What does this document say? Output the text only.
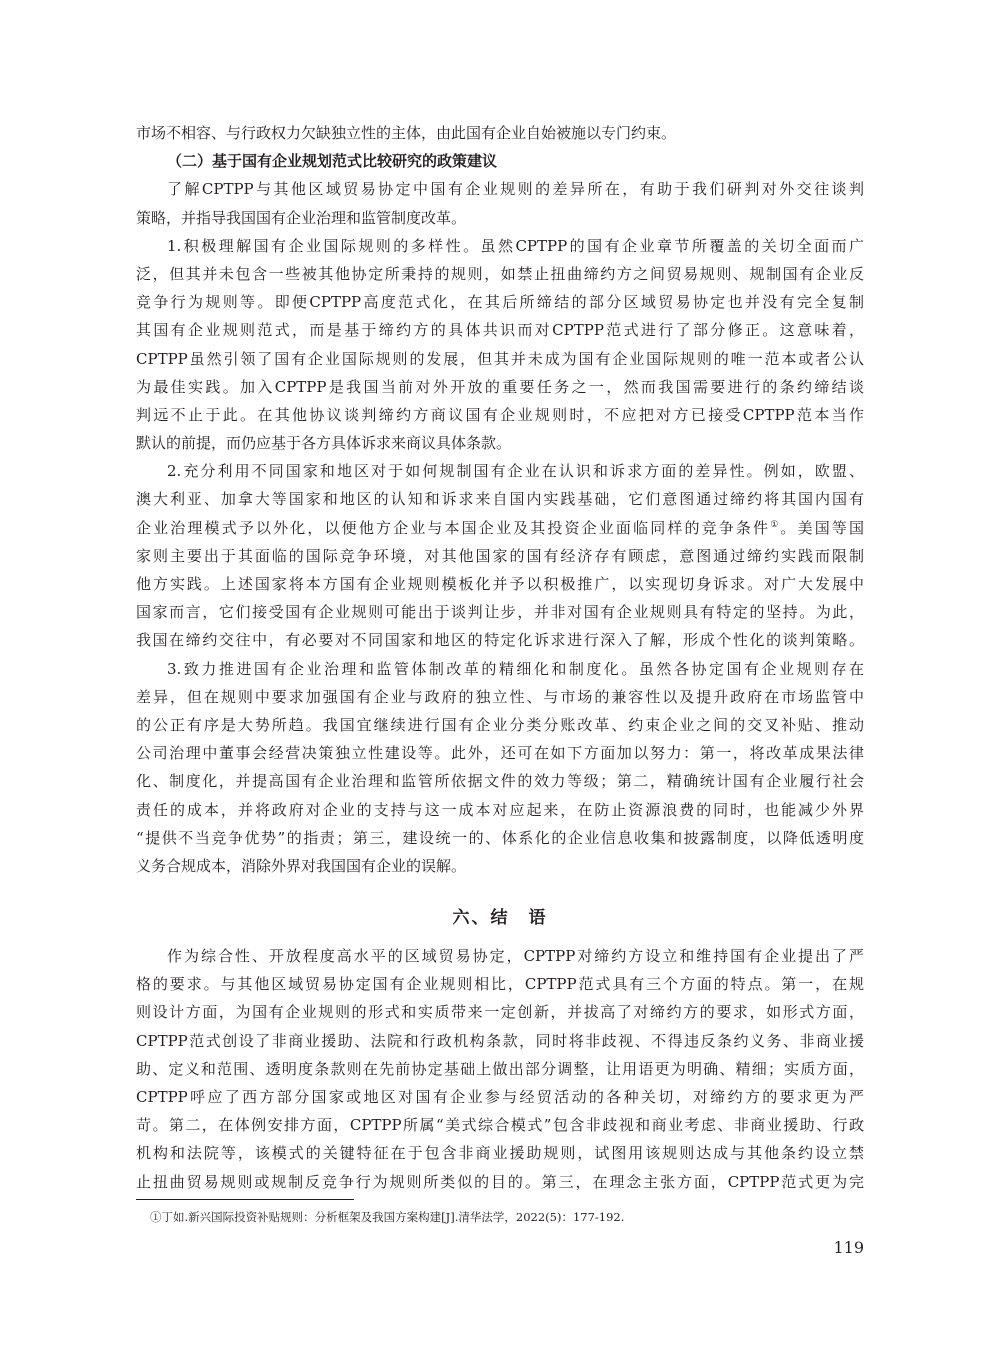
市场不相容、与行政权力欠缺独立性的主体，由此国有企业自始被施以专门约束。
（二）基于国有企业规划范式比较研究的政策建议
了解CPTPP与其他区域贸易协定中国有企业规则的差异所在，有助于我们研判对外交往谈判
策略，并指导我国国有企业治理和监管制度改革。
1.积极理解国有企业国际规则的多样性。虽然CPTPP的国有企业章节所覆盖的关切全面而广
泛，但其并未包含一些被其他协定所秉持的规则，如禁止扭曲缔约方之间贸易规则、规制国有企业反
竞争行为规则等。即便CPTPP高度范式化，在其后所缔结的部分区域贸易协定也并没有完全复制
其国有企业规则范式，而是基于缔约方的具体共识而对CPTPP范式进行了部分修正。这意味着，
CPTPP虽然引领了国有企业国际规则的发展，但其并未成为国有企业国际规则的唯一范本或者公认
为最佳实践。加入CPTPP是我国当前对外开放的重要任务之一，然而我国需要进行的条约缔结谈
判远不止于此。在其他协议谈判缔约方商议国有企业规则时，不应把对方已接受CPTPP范本当作
默认的前提，而仍应基于各方具体诉求来商议具体条款。
2.充分利用不同国家和地区对于如何规制国有企业在认识和诉求方面的差异性。例如，欧盟、
澳大利亚、加拿大等国家和地区的认知和诉求来自国内实践基础，它们意图通过缔约将其国内国有
企业治理模式予以外化，以便他方企业与本国企业及其投资企业面临同样的竞争条件①。美国等国
家则主要出于其面临的国际竞争环境，对其他国家的国有经济存有顾虑，意图通过缔约实践而限制
他方实践。上述国家将本方国有企业规则模板化并予以积极推广，以实现切身诉求。对广大发展中
国家而言，它们接受国有企业规则可能出于谈判让步，并非对国有企业规则具有特定的坚持。为此，
我国在缔约交往中，有必要对不同国家和地区的特定化诉求进行深入了解，形成个性化的谈判策略。
3.致力推进国有企业治理和监管体制改革的精细化和制度化。虽然各协定国有企业规则存在
差异，但在规则中要求加强国有企业与政府的独立性、与市场的兼容性以及提升政府在市场监管中
的公正有序是大势所趋。我国宜继续进行国有企业分类分账改革、约束企业之间的交叉补贴、推动
公司治理中董事会经营决策独立性建设等。此外，还可在如下方面加以努力：第一，将改革成果法律
化、制度化，并提高国有企业治理和监管所依据文件的效力等级；第二，精确统计国有企业履行社会
责任的成本，并将政府对企业的支持与这一成本对应起来，在防止资源浪费的同时，也能减少外界
“提供不当竞争优势”的指责；第三，建设统一的、体系化的企业信息收集和披露制度，以降低透明度
义务合规成本，消除外界对我国国有企业的误解。
六、结　语
作为综合性、开放程度高水平的区域贸易协定，CPTPP对缔约方设立和维持国有企业提出了严
格的要求。与其他区域贸易协定国有企业规则相比，CPTPP范式具有三个方面的特点。第一，在规
则设计方面，为国有企业规则的形式和实质带来一定创新，并拔高了对缔约方的要求，如形式方面，
CPTPP范式创设了非商业援助、法院和行政机构条款，同时将非歧视、不得违反条约义务、非商业援
助、定义和范围、透明度条款则在先前协定基础上做出部分调整，让用语更为明确、精细；实质方面，
CPTPP呼应了西方部分国家或地区对国有企业参与经贸活动的各种关切，对缔约方的要求更为严
苛。第二，在体例安排方面，CPTPP所属“美式综合模式”包含非歧视和商业考虑、非商业援助、行政
机构和法院等，该模式的关键特征在于包含非商业援助规则，试图用该规则达成与其他条约设立禁
止扭曲贸易规则或规制反竞争行为规则所类似的目的。第三，在理念主张方面，CPTPP范式更为完
①丁如.新兴国际投资补贴规则：分析框架及我国方案构建[J].清华法学，2022(5)：177-192.
119
